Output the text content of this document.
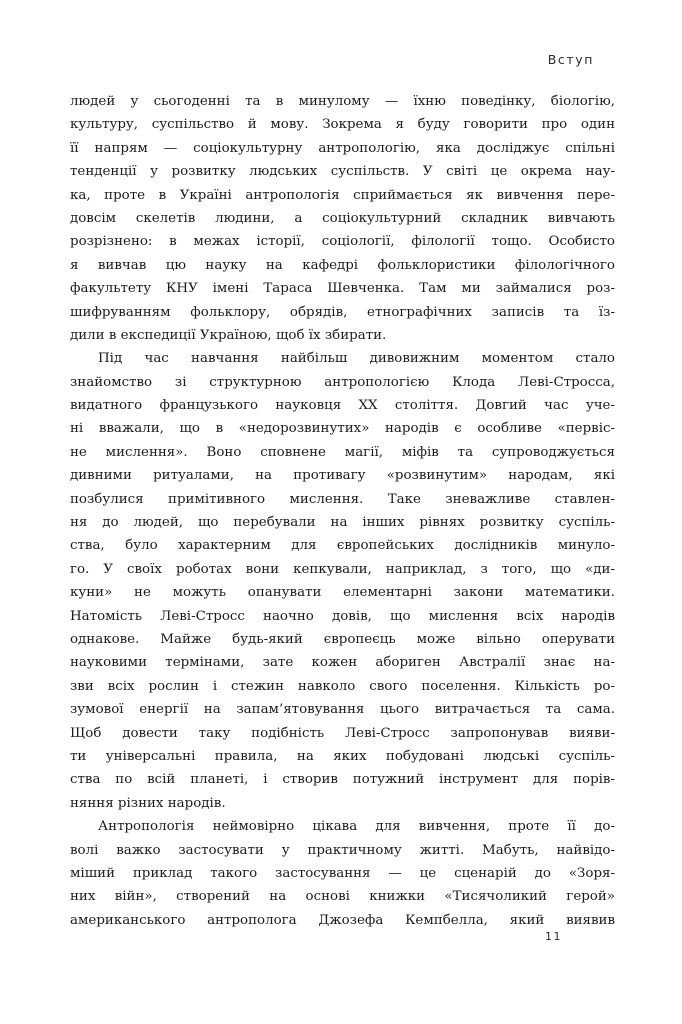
Вступ
людей у сьогоденні та в минулому — їхню поведінку, біологію,
культуру, суспільство й мову. Зокрема я буду говорити про один
її напрям — соціокультурну антропологію, яка досліджує спільні
тенденції у розвитку людських суспільств. У світі це окрема нау-
ка, проте в Україні антропологія сприймається як вивчення пере-
довсім скелетів людини, а соціокультурний складник вивчають
розрізнено: в межах історії, соціології, філології тощо. Особисто
я вивчав цю науку на кафедрі фольклористики філологічного
факультету КНУ імені Тараса Шевченка. Там ми займалися роз-
шифруванням фольклору, обрядів, етнографічних записів та їз-
дили в експедиції Україною, щоб їх збирати.
Під час навчання найбільш дивовижним моментом стало
знайомство зі структурною антропологією Клода Леві-Стросса,
видатного французького науковця XX століття. Довгий час уче-
ні вважали, що в «недорозвинутих» народів є особливе «первіс-
не мислення». Воно сповнене магії, міфів та супроводжується
дивними ритуалами, на противагу «розвинутим» народам, які
позбулися примітивного мислення. Таке зневажливе ставлен-
ня до людей, що перебували на інших рівнях розвитку суспіль-
ства, було характерним для європейських дослідників минуло-
го. У своїх роботах вони кепкували, наприклад, з того, що «ди-
куни» не можуть опанувати елементарні закони математики.
Натомість Леві-Стросс наочно довів, що мислення всіх народів
однакове. Майже будь-який європеєць може вільно оперувати
науковими термінами, зате кожен абориген Австралії знає на-
зви всіх рослин і стежин навколо свого поселення. Кількість ро-
зумової енергії на запам’ятовування цього витрачається та сама.
Щоб довести таку подібність Леві-Стросс запропонував вияви-
ти універсальні правила, на яких побудовані людські суспіль-
ства по всій планеті, і створив потужний інструмент для порів-
няння різних народів.
Антропологія неймовірно цікава для вивчення, проте її до-
волі важко застосувати у практичному житті. Мабуть, найвідо-
міший приклад такого застосування — це сценарій до «Зоря-
них війн», створений на основі книжки «Тисячоликий герой»
американського антрополога Джозефа Кемпбелла, який виявив
11
